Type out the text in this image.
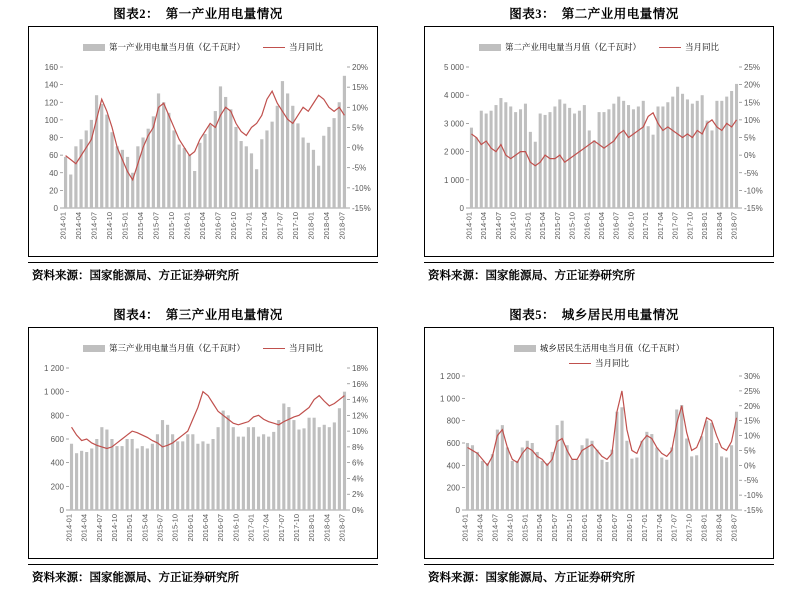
图表2：　第一产业用电量情况
第一产业用电量当月值（亿千瓦时）	当月同比
0
20
40
60
80
100
120
140
160
-15%
-10%
-5%
0%
5%
10%
15%
20%
2014-01 2014-04 2014-07 2014-10 2015-01 2015-04 2015-07 2015-10 2016-01 2016-04 2016-07 2016-10 2017-01 2017-04 2017-07 2017-10 2018-01 2018-04 2018-07
资料来源：国家能源局、方正证券研究所
图表3：　第二产业用电量情况
第二产业用电量当月值（亿千瓦时）	当月同比
0
1 000
2 000
3 000
4 000
5 000
-15%
-10%
-5%
0%
5%
10%
15%
20%
25%
2014-01 2014-04 2014-07 2014-10 2015-01 2015-04 2015-07 2015-10 2016-01 2016-04 2016-07 2016-10 2017-01 2017-04 2017-07 2017-10 2018-01 2018-04 2018-07
资料来源：国家能源局、方正证券研究所
图表4：　第三产业用电量情况
第三产业用电量当月值（亿千瓦时）	当月同比
0
200
400
600
800
1 000
1 200
0%
2%
4%
6%
8%
10%
12%
14%
16%
18%
2014-01 2014-04 2014-07 2014-10 2015-01 2015-04 2015-07 2015-10 2016-01 2016-04 2016-07 2016-10 2017-01 2017-04 2017-07 2017-10 2018-01 2018-04 2018-07
资料来源：国家能源局、方正证券研究所
图表5：　城乡居民用电量情况
城乡居民生活用电当月值（亿千瓦时）
当月同比
0
200
400
600
800
1 000
1 200
-15%
-10%
-5%
0%
5%
10%
15%
20%
25%
30%
2014-01 2014-04 2014-07 2014-10 2015-01 2015-04 2015-07 2015-10 2016-01 2016-04 2016-07 2016-10 2017-01 2017-04 2017-07 2017-10 2018-01 2018-04 2018-07
资料来源：国家能源局、方正证券研究所
